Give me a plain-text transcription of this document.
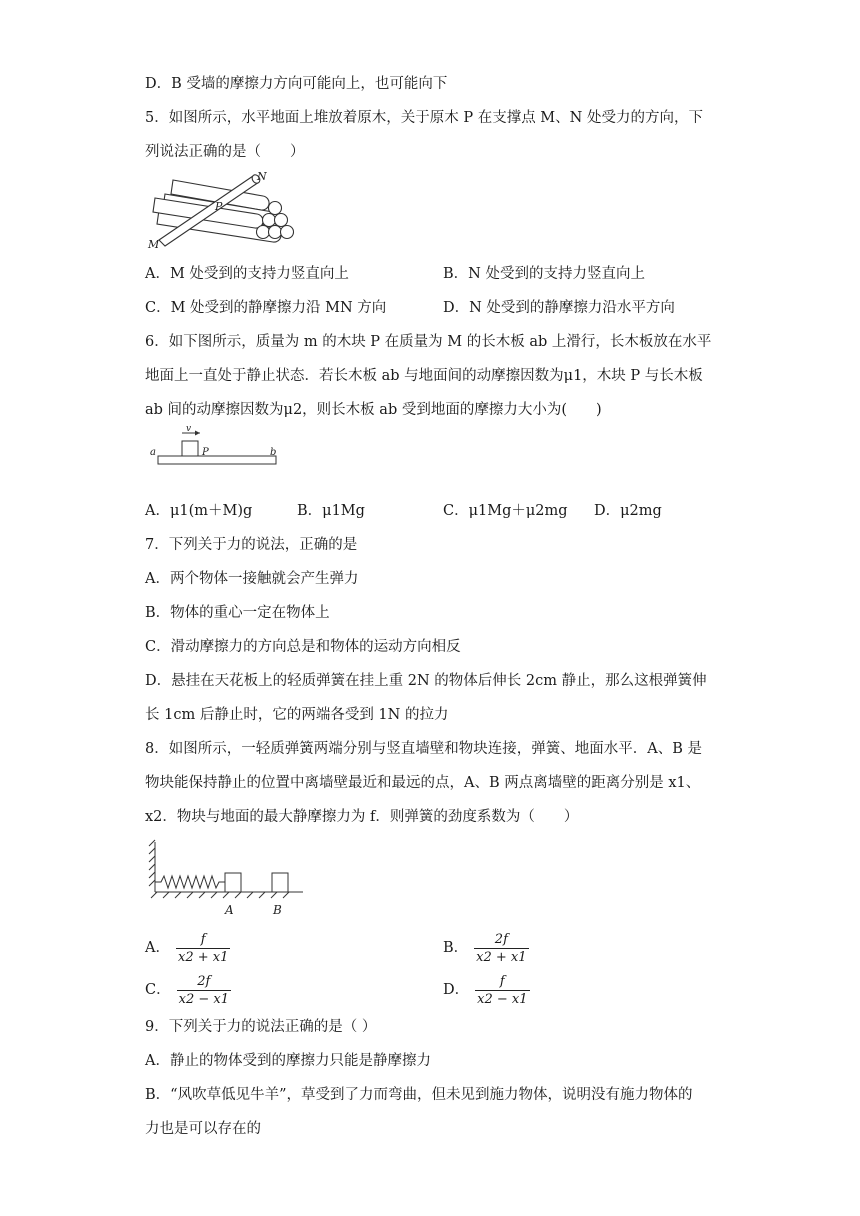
D．B 受墙的摩擦力方向可能向上，也可能向下
5．如图所示，水平地面上堆放着原木，关于原木 P 在支撑点 M、N 处受力的方向，下
列说法正确的是（　　）
N
P
M
A．M 处受到的支持力竖直向上	B．N 处受到的支持力竖直向上
C．M 处受到的静摩擦力沿 MN 方向	D．N 处受到的静摩擦力沿水平方向
6．如下图所示，质量为 m 的木块 P 在质量为 M 的长木板 ab 上滑行，长木板放在水平
地面上一直处于静止状态．若长木板 ab 与地面间的动摩擦因数为μ1，木块 P 与长木板
ab 间的动摩擦因数为μ2，则长木板 ab 受到地面的摩擦力大小为(　　)
v
a	P	b
A．μ1(m＋M)g	B．μ1Mg	C．μ1Mg＋μ2mg D．μ2mg
7．下列关于力的说法，正确的是
A．两个物体一接触就会产生弹力
B．物体的重心一定在物体上
C．滑动摩擦力的方向总是和物体的运动方向相反
D．悬挂在天花板上的轻质弹簧在挂上重 2N 的物体后伸长 2cm 静止，那么这根弹簧伸
长 1cm 后静止时，它的两端各受到 1N 的拉力
8．如图所示，一轻质弹簧两端分别与竖直墙壁和物块连接，弹簧、地面水平．A、B 是
物块能保持静止的位置中离墙壁最近和最远的点，A、B 两点离墙壁的距离分别是 x1、
x2．物块与地面的最大静摩擦力为 f．则弹簧的劲度系数为（　　）
A	B
A． $\frac{f}{x2 + x1}$	B． $\frac{2f}{x2 + x1}$
C． $\frac{2f}{x2 - x1}$	D． $\frac{f}{x2 - x1}$
9．下列关于力的说法正确的是（ ）
A．静止的物体受到的摩擦力只能是静摩擦力
B．“风吹草低见牛羊”，草受到了力而弯曲，但未见到施力物体，说明没有施力物体的
力也是可以存在的
